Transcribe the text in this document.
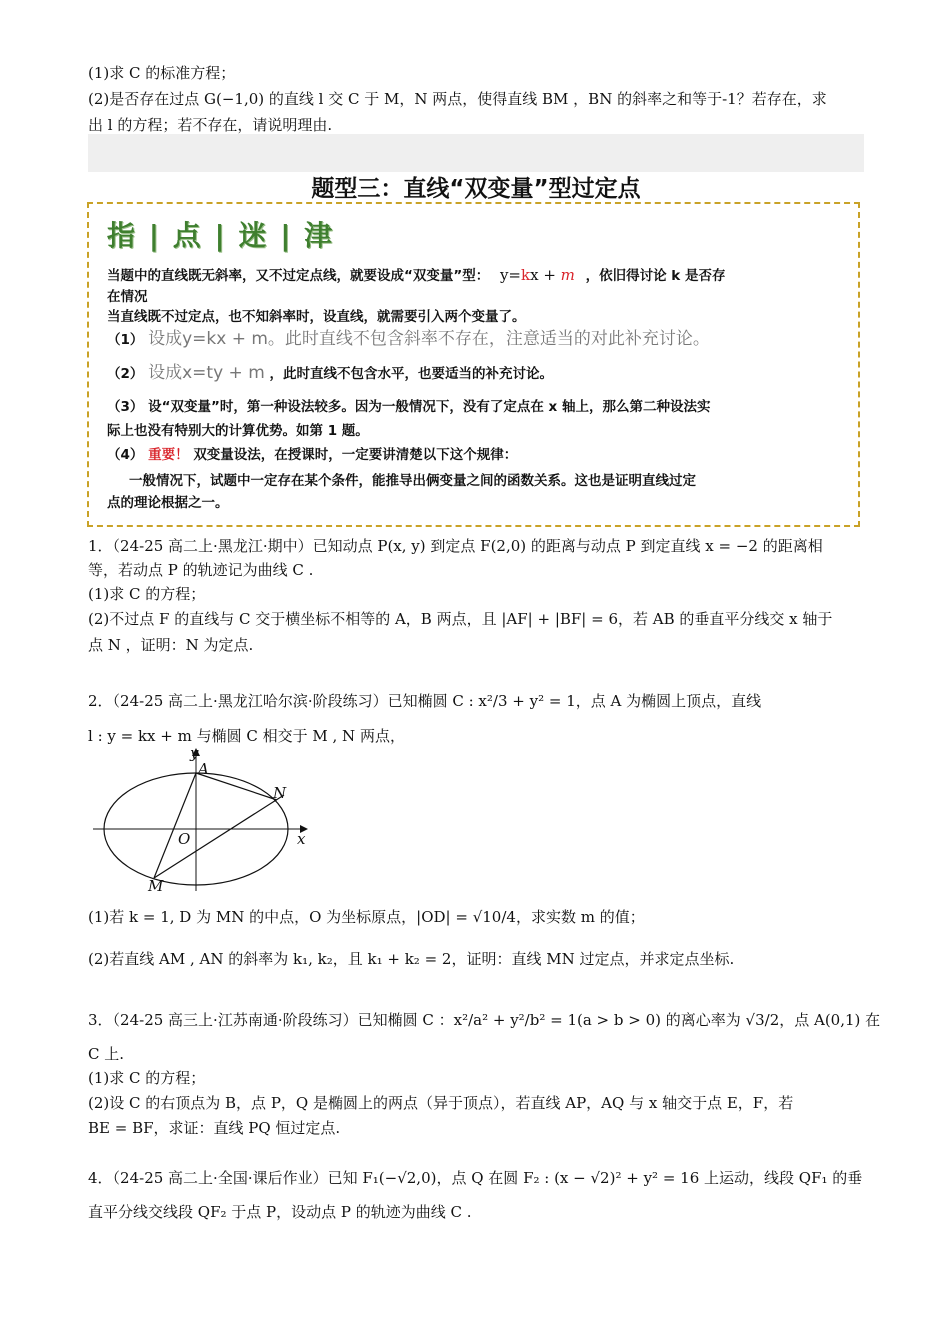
(1)求 C 的标准方程；
(2)是否存在过点 G(−1,0) 的直线 l 交 C 于 M，N 两点，使得直线 BM ，BN 的斜率之和等于-1？若存在，求
出 l 的方程；若不存在，请说明理由.
题型三：直线“双变量”型过定点
指 | 点 | 迷 | 津
当题中的直线既无斜率，又不过定点线，就要设成“双变量”型： y=kx + m ，依旧得讨论 k 是否存
在情况
当直线既不过定点，也不知斜率时，设直线，就需要引入两个变量了。
（1） 设成y=kx + m。此时直线不包含斜率不存在，注意适当的对此补充讨论。
（2） 设成x=ty + m ，此时直线不包含水平，也要适当的补充讨论。
（3） 设“双变量”时，第一种设法较多。因为一般情况下，没有了定点在 x 轴上，那么第二种设法实
际上也没有特别大的计算优势。如第 1 题。
（4） 重要！ 双变量设法，在授课时，一定要讲清楚以下这个规律：
一般情况下，试题中一定存在某个条件，能推导出俩变量之间的函数关系。这也是证明直线过定
点的理论根据之一。
1．（24-25 高二上·黑龙江·期中）已知动点 P(x, y) 到定点 F(2,0) 的距离与动点 P 到定直线 x = −2 的距离相
等，若动点 P 的轨迹记为曲线 C .
(1)求 C 的方程；
(2)不过点 F 的直线与 C 交于横坐标不相等的 A，B 两点，且 |AF| + |BF| = 6，若 AB 的垂直平分线交 x 轴于
点 N ，证明：N 为定点.
2．（24-25 高二上·黑龙江哈尔滨·阶段练习）已知椭圆 C : x²/3 + y² = 1，点 A 为椭圆上顶点，直线
l : y = kx + m 与椭圆 C 相交于 M , N 两点，
y
x
A
N
O
M
(1)若 k = 1, D 为 MN 的中点，O 为坐标原点，|OD| = √10/4，求实数 m 的值；
(2)若直线 AM , AN 的斜率为 k₁, k₂，且 k₁ + k₂ = 2，证明：直线 MN 过定点，并求定点坐标.
3．（24-25 高三上·江苏南通·阶段练习）已知椭圆 C ：x²/a² + y²/b² = 1(a > b > 0) 的离心率为 √3/2，点 A(0,1) 在
C 上.
(1)求 C 的方程；
(2)设 C 的右顶点为 B，点 P，Q 是椭圆上的两点（异于顶点），若直线 AP，AQ 与 x 轴交于点 E，F，若
BE = BF，求证：直线 PQ 恒过定点.
4．（24-25 高二上·全国·课后作业）已知 F₁(−√2,0)，点 Q 在圆 F₂ : (x − √2)² + y² = 16 上运动，线段 QF₁ 的垂
直平分线交线段 QF₂ 于点 P，设动点 P 的轨迹为曲线 C .
